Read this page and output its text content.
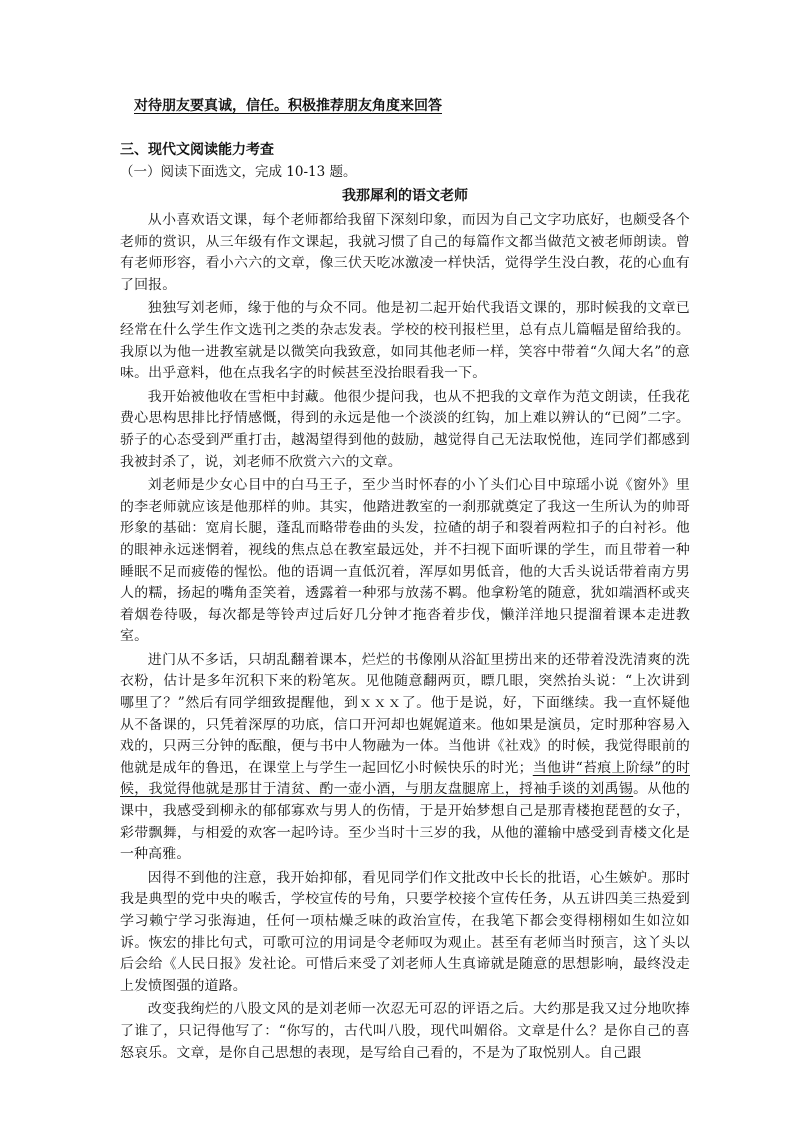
对待朋友要真诚，信任。积极推荐朋友角度来回答

三、现代文阅读能力考查

（一）阅读下面选文，完成 10-13 题。

我那犀利的语文老师

从小喜欢语文课，每个老师都给我留下深刻印象，而因为自己文字功底好，也颇受各个老师的赏识，从三年级有作文课起，我就习惯了自己的每篇作文都当做范文被老师朗读。曾有老师形容，看小六六的文章，像三伏天吃冰激凌一样快活，觉得学生没白教，花的心血有了回报。

独独写刘老师，缘于他的与众不同。他是初二起开始代我语文课的，那时候我的文章已经常在什么学生作文选刊之类的杂志发表。学校的校刊报栏里，总有点儿篇幅是留给我的。我原以为他一进教室就是以微笑向我致意，如同其他老师一样，笑容中带着“久闻大名”的意味。出乎意料，他在点我名字的时候甚至没抬眼看我一下。

我开始被他收在雪柜中封藏。他很少提问我，也从不把我的文章作为范文朗读，任我花费心思构思排比抒情感慨，得到的永远是他一个淡淡的红钩，加上难以辨认的“已阅”二字。骄子的心态受到严重打击，越渴望得到他的鼓励，越觉得自己无法取悦他，连同学们都感到我被封杀了，说，刘老师不欣赏六六的文章。

刘老师是少女心目中的白马王子，至少当时怀春的小丫头们心目中琼瑶小说《窗外》里的李老师就应该是他那样的帅。其实，他踏进教室的一刹那就奠定了我这一生所认为的帅哥形象的基础：宽肩长腿，蓬乱而略带卷曲的头发，拉碴的胡子和裂着两粒扣子的白衬衫。他的眼神永远迷惘着，视线的焦点总在教室最远处，并不扫视下面听课的学生，而且带着一种睡眠不足而疲倦的惺忪。他的语调一直低沉着，浑厚如男低音，他的大舌头说话带着南方男人的糯，扬起的嘴角歪笑着，透露着一种邪与放荡不羁。他拿粉笔的随意，犹如端酒杯或夹着烟卷待吸，每次都是等铃声过后好几分钟才拖沓着步伐，懒洋洋地只提溜着课本走进教室。

进门从不多话，只胡乱翻着课本，烂烂的书像刚从浴缸里捞出来的还带着没洗清爽的洗衣粉，估计是多年沉积下来的粉笔灰。见他随意翻两页，瞟几眼，突然抬头说：“上次讲到哪里了？”然后有同学细致提醒他，到ｘｘｘ了。他于是说，好，下面继续。我一直怀疑他从不备课的，只凭着深厚的功底，信口开河却也娓娓道来。他如果是演员，定时那种容易入戏的，只两三分钟的酝酿，便与书中人物融为一体。当他讲《社戏》的时候，我觉得眼前的他就是成年的鲁迅，在课堂上与学生一起回忆小时候快乐的时光；当他讲“苔痕上阶绿”的时候，我觉得他就是那甘于清贫、酌一壶小酒，与朋友盘腿席上，捋袖手谈的刘禹锡。从他的课中，我感受到柳永的郁郁寡欢与男人的伤情，于是开始梦想自己是那青楼抱琵琶的女子，彩带飘舞，与相爱的欢客一起吟诗。至少当时十三岁的我，从他的灌输中感受到青楼文化是一种高雅。

因得不到他的注意，我开始抑郁，看见同学们作文批改中长长的批语，心生嫉妒。那时我是典型的党中央的喉舌，学校宣传的号角，只要学校接个宣传任务，从五讲四美三热爱到学习赖宁学习张海迪，任何一项枯燥乏味的政治宣传，在我笔下都会变得栩栩如生如泣如诉。恢宏的排比句式，可歌可泣的用词是令老师叹为观止。甚至有老师当时预言，这丫头以后会给《人民日报》发社论。可惜后来受了刘老师人生真谛就是随意的思想影响，最终没走上发愤图强的道路。

改变我绚烂的八股文风的是刘老师一次忍无可忍的评语之后。大约那是我又过分地吹捧了谁了，只记得他写了：“你写的，古代叫八股，现代叫媚俗。文章是什么？是你自己的喜怒哀乐。文章，是你自己思想的表现，是写给自己看的，不是为了取悦别人。自己跟
